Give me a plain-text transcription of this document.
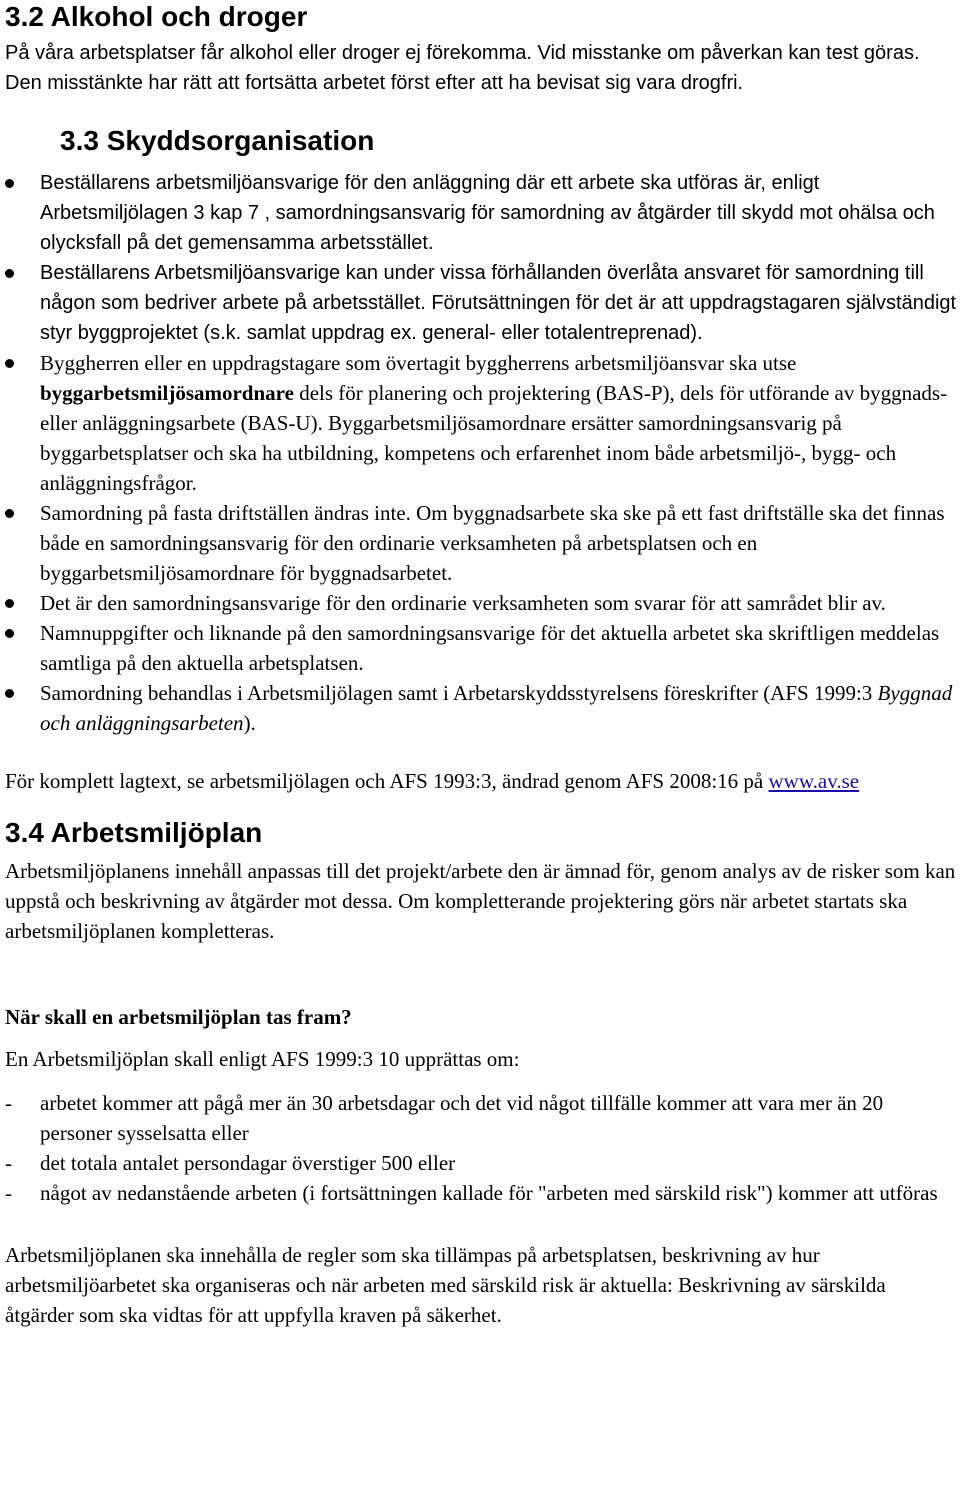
3.2 Alkohol och droger

På våra arbetsplatser får alkohol eller droger ej förekomma. Vid misstanke om påverkan kan test göras. Den misstänkte har rätt att fortsätta arbetet först efter att ha bevisat sig vara drogfri.

3.3 Skyddsorganisation
Beställarens arbetsmiljöansvarige för den anläggning där ett arbete ska utföras är, enligt Arbetsmiljölagen 3 kap 7 , samordningsansvarig för samordning av åtgärder till skydd mot ohälsa och olycksfall på det gemensamma arbetsstället.
Beställarens Arbetsmiljöansvarige kan under vissa förhållanden överlåta ansvaret för samordning till någon som bedriver arbete på arbetsstället. Förutsättningen för det är att uppdragstagaren självständigt styr byggprojektet (s.k. samlat uppdrag ex. general- eller totalentreprenad).
Byggherren eller en uppdragstagare som övertagit byggherrens arbetsmiljöansvar ska utse byggarbetsmiljösamordnare dels för planering och projektering (BAS-P), dels för utförande av byggnads- eller anläggningsarbete (BAS-U). Byggarbetsmiljösamordnare ersätter samordningsansvarig på byggarbetsplatser och ska ha utbildning, kompetens och erfarenhet inom både arbetsmiljö-, bygg- och anläggningsfrågor.
Samordning på fasta driftställen ändras inte. Om byggnadsarbete ska ske på ett fast driftställe ska det finnas både en samordningsansvarig för den ordinarie verksamheten på arbetsplatsen och en byggarbetsmiljösamordnare för byggnadsarbetet.
Det är den samordningsansvarige för den ordinarie verksamheten som svarar för att samrådet blir av.
Namnuppgifter och liknande på den samordningsansvarige för det aktuella arbetet ska skriftligen meddelas samtliga på den aktuella arbetsplatsen.
Samordning behandlas i Arbetsmiljölagen samt i Arbetarskyddsstyrelsens föreskrifter (AFS 1999:3 Byggnad och anläggningsarbeten).

För komplett lagtext, se arbetsmiljölagen och AFS 1993:3, ändrad genom AFS 2008:16 på www.av.se

3.4 Arbetsmiljöplan

Arbetsmiljöplanens innehåll anpassas till det projekt/arbete den är ämnad för, genom analys av de risker som kan uppstå och beskrivning av åtgärder mot dessa. Om kompletterande projektering görs när arbetet startats ska arbetsmiljöplanen kompletteras.

När skall en arbetsmiljöplan tas fram?

En Arbetsmiljöplan skall enligt AFS 1999:3 10 upprättas om:

- arbetet kommer att pågå mer än 30 arbetsdagar och det vid något tillfälle kommer att vara mer än 20 personer sysselsatta eller
- det totala antalet persondagar överstiger 500 eller
- något av nedanstående arbeten (i fortsättningen kallade för "arbeten med särskild risk") kommer att utföras

Arbetsmiljöplanen ska innehålla de regler som ska tillämpas på arbetsplatsen, beskrivning av hur arbetsmiljöarbetet ska organiseras och när arbeten med särskild risk är aktuella: Beskrivning av särskilda åtgärder som ska vidtas för att uppfylla kraven på säkerhet.
